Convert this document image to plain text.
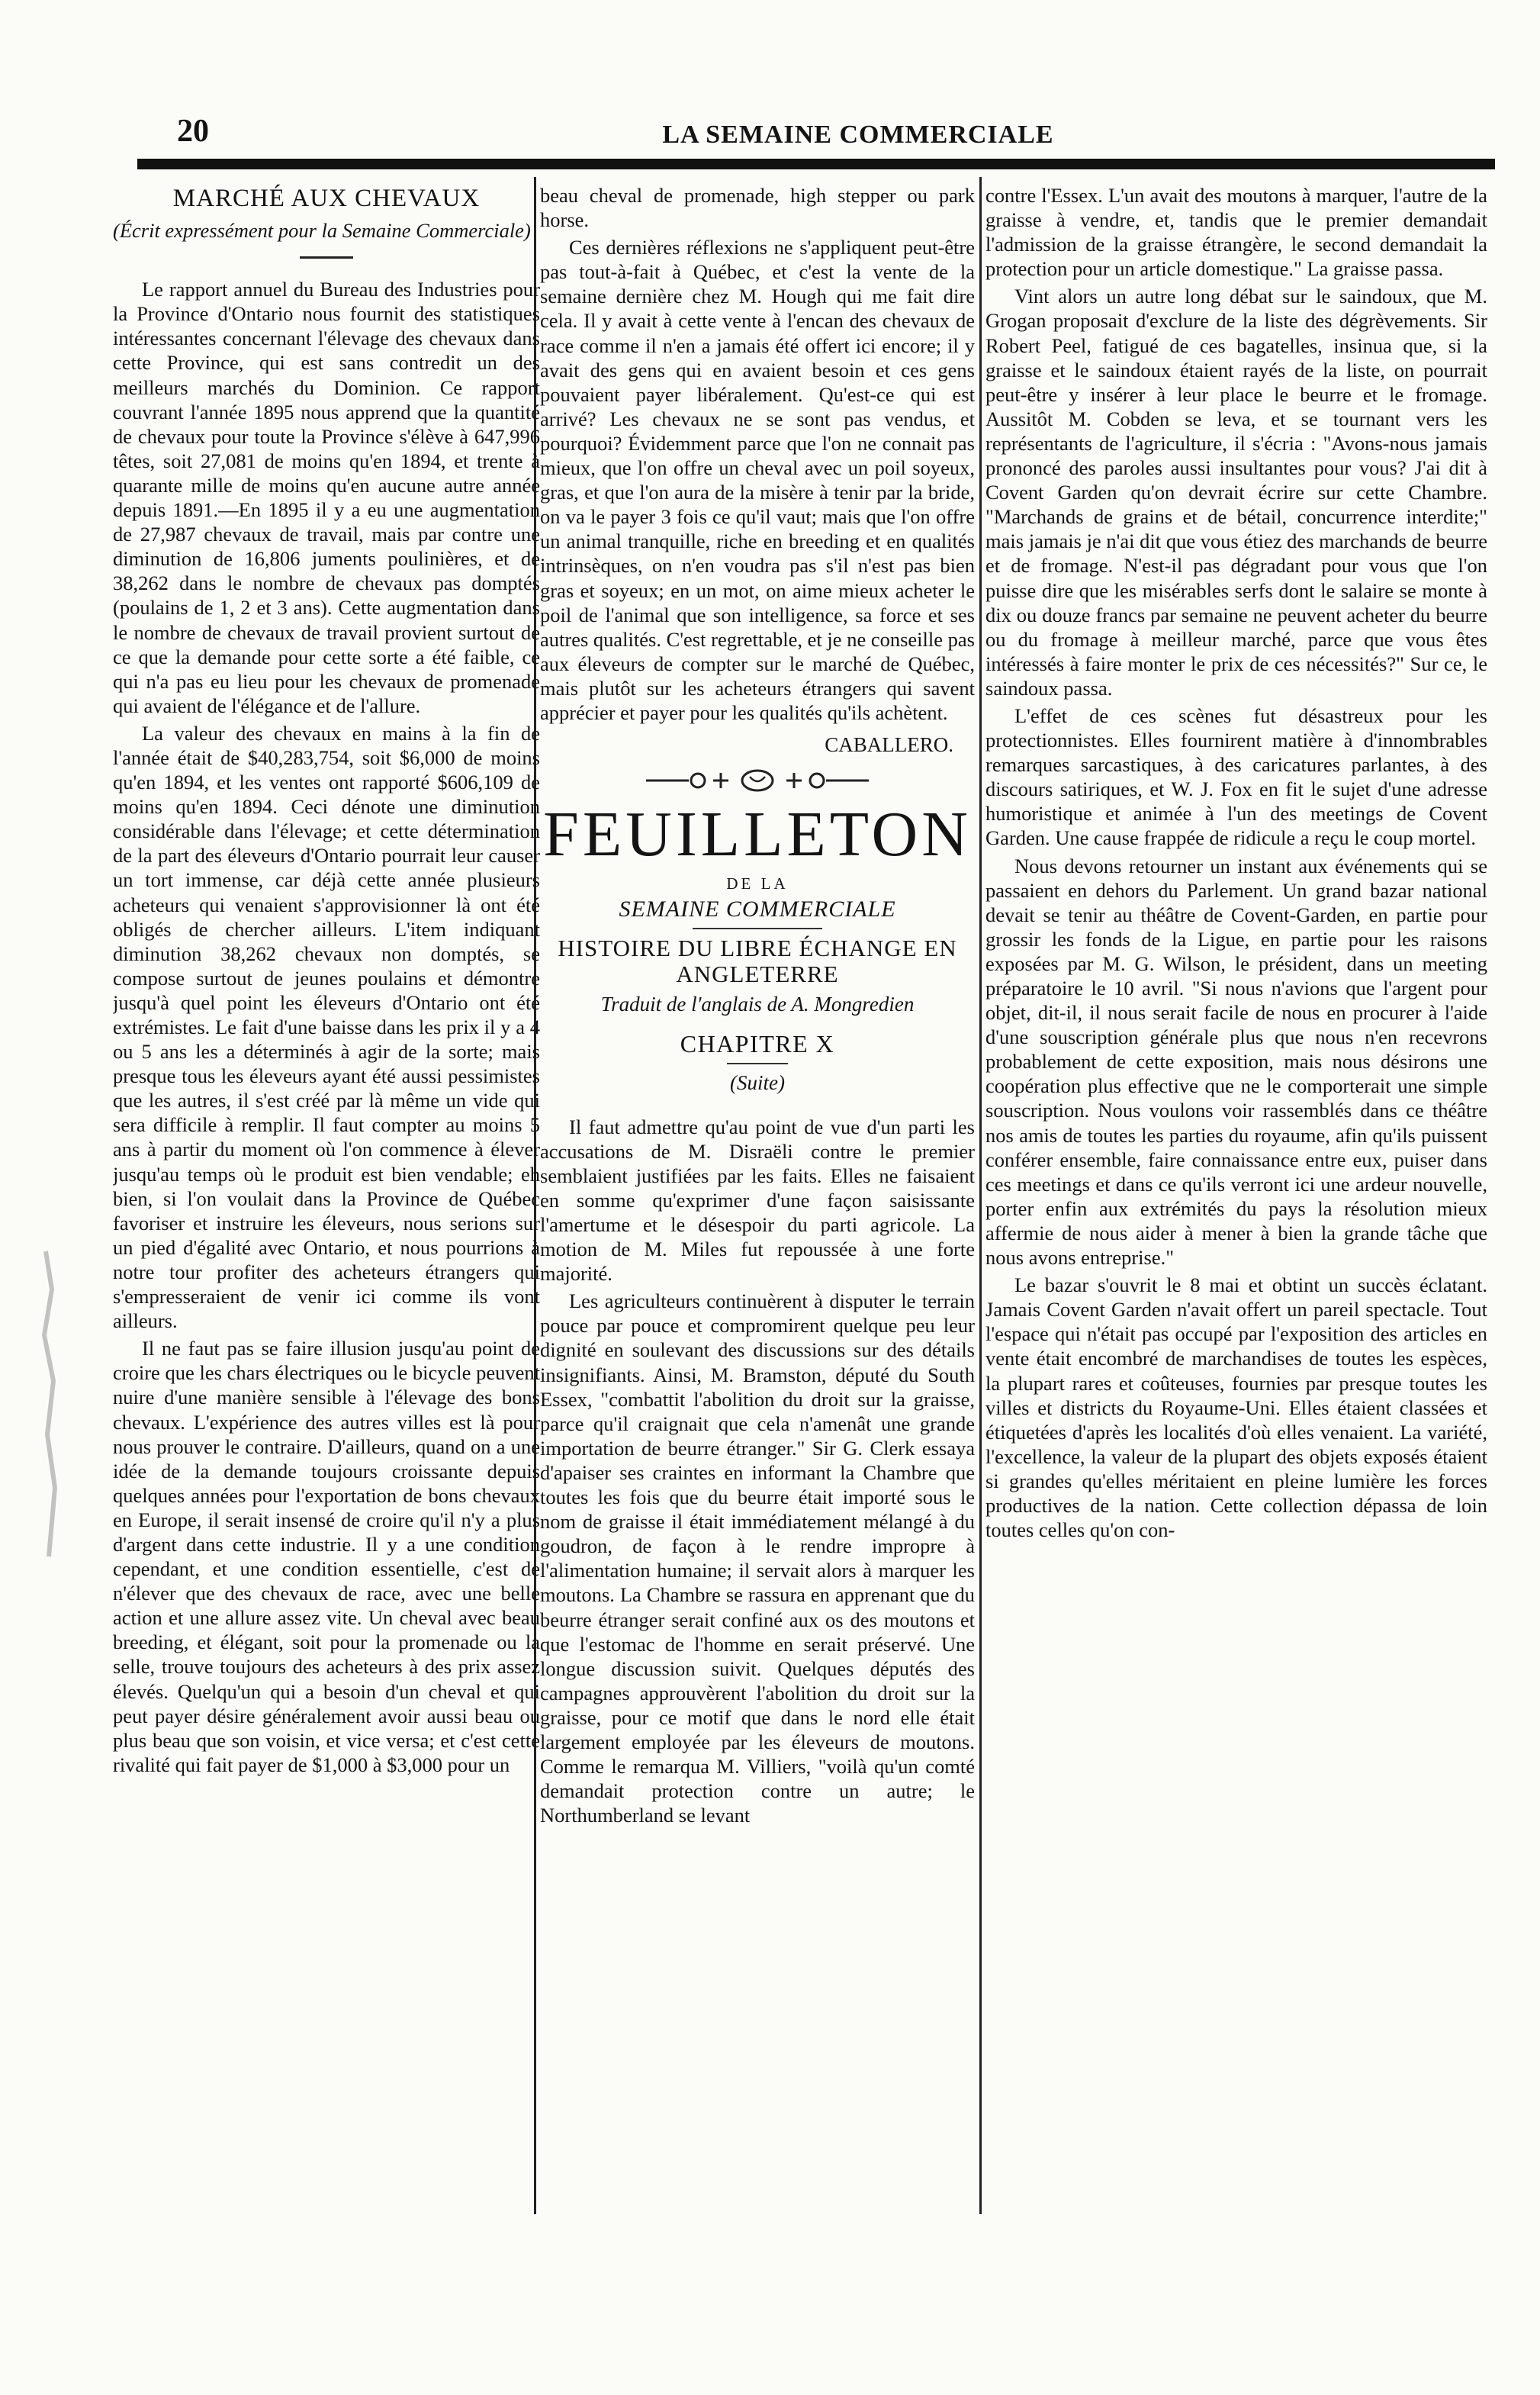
20	LA SEMAINE COMMERCIALE
MARCHÉ AUX CHEVAUX

(Écrit expressément pour la Semaine Commerciale)

Le rapport annuel du Bureau des Industries pour la Province d'Ontario nous fournit des statistiques intéressantes concernant l'élevage des chevaux dans cette Province, qui est sans contredit un des meilleurs marchés du Dominion. Ce rapport couvrant l'année 1895 nous apprend que la quantité de chevaux pour toute la Province s'élève à 647,996 têtes, soit 27,081 de moins qu'en 1894, et trente à quarante mille de moins qu'en aucune autre année depuis 1891.—En 1895 il y a eu une augmentation de 27,987 chevaux de travail, mais par contre une diminution de 16,806 juments poulinières, et de 38,262 dans le nombre de chevaux pas domptés (poulains de 1, 2 et 3 ans). Cette augmentation dans le nombre de chevaux de travail provient surtout de ce que la demande pour cette sorte a été faible, ce qui n'a pas eu lieu pour les chevaux de promenade qui avaient de l'élégance et de l'allure.

La valeur des chevaux en mains à la fin de l'année était de $40,283,754, soit $6,000 de moins qu'en 1894, et les ventes ont rapporté $606,109 de moins qu'en 1894. Ceci dénote une diminution considérable dans l'élevage; et cette détermination de la part des éleveurs d'Ontario pourrait leur causer un tort immense, car déjà cette année plusieurs acheteurs qui venaient s'approvisionner là ont été obligés de chercher ailleurs. L'item indiquant diminution 38,262 chevaux non domptés, se compose surtout de jeunes poulains et démontre jusqu'à quel point les éleveurs d'Ontario ont été extrémistes. Le fait d'une baisse dans les prix il y a 4 ou 5 ans les a déterminés à agir de la sorte; mais presque tous les éleveurs ayant été aussi pessimistes que les autres, il s'est créé par là même un vide qui sera difficile à remplir. Il faut compter au moins 5 ans à partir du moment où l'on commence à élever jusqu'au temps où le produit est bien vendable; eh bien, si l'on voulait dans la Province de Québec favoriser et instruire les éleveurs, nous serions sur un pied d'égalité avec Ontario, et nous pourrions à notre tour profiter des acheteurs étrangers qui s'empresseraient de venir ici comme ils vont ailleurs.

Il ne faut pas se faire illusion jusqu'au point de croire que les chars électriques ou le bicycle peuvent nuire d'une manière sensible à l'élevage des bons chevaux. L'expérience des autres villes est là pour nous prouver le contraire. D'ailleurs, quand on a une idée de la demande toujours croissante depuis quelques années pour l'exportation de bons chevaux en Europe, il serait insensé de croire qu'il n'y a plus d'argent dans cette industrie. Il y a une condition cependant, et une condition essentielle, c'est de n'élever que des chevaux de race, avec une belle action et une allure assez vite. Un cheval avec beau breeding, et élégant, soit pour la promenade ou la selle, trouve toujours des acheteurs à des prix assez élevés. Quelqu'un qui a besoin d'un cheval et qui peut payer désire généralement avoir aussi beau ou plus beau que son voisin, et vice versa; et c'est cette rivalité qui fait payer de $1,000 à $3,000 pour un

beau cheval de promenade, high stepper ou park horse.

Ces dernières réflexions ne s'appliquent peut-être pas tout-à-fait à Québec, et c'est la vente de la semaine dernière chez M. Hough qui me fait dire cela. Il y avait à cette vente à l'encan des chevaux de race comme il n'en a jamais été offert ici encore; il y avait des gens qui en avaient besoin et ces gens pouvaient payer libéralement. Qu'est-ce qui est arrivé? Les chevaux ne se sont pas vendus, et pourquoi? Évidemment parce que l'on ne connait pas mieux, que l'on offre un cheval avec un poil soyeux, gras, et que l'on aura de la misère à tenir par la bride, on va le payer 3 fois ce qu'il vaut; mais que l'on offre un animal tranquille, riche en breeding et en qualités intrinsèques, on n'en voudra pas s'il n'est pas bien gras et soyeux; en un mot, on aime mieux acheter le poil de l'animal que son intelligence, sa force et ses autres qualités. C'est regrettable, et je ne conseille pas aux éleveurs de compter sur le marché de Québec, mais plutôt sur les acheteurs étrangers qui savent apprécier et payer pour les qualités qu'ils achètent.

CABALLERO.
FEUILLETON
DE LA
SEMAINE COMMERCIALE
HISTOIRE DU LIBRE ÉCHANGE EN ANGLETERRE
Traduit de l'anglais de A. Mongredien
CHAPITRE X
(Suite)

Il faut admettre qu'au point de vue d'un parti les accusations de M. Disraëli contre le premier semblaient justifiées par les faits. Elles ne faisaient en somme qu'exprimer d'une façon saisissante l'amertume et le désespoir du parti agricole. La motion de M. Miles fut repoussée à une forte majorité.

Les agriculteurs continuèrent à disputer le terrain pouce par pouce et compromirent quelque peu leur dignité en soulevant des discussions sur des détails insignifiants. Ainsi, M. Bramston, député du South Essex, "combattit l'abolition du droit sur la graisse, parce qu'il craignait que cela n'amenât une grande importation de beurre étranger." Sir G. Clerk essaya d'apaiser ses craintes en informant la Chambre que toutes les fois que du beurre était importé sous le nom de graisse il était immédiatement mélangé à du goudron, de façon à le rendre impropre à l'alimentation humaine; il servait alors à marquer les moutons. La Chambre se rassura en apprenant que du beurre étranger serait confiné aux os des moutons et que l'estomac de l'homme en serait préservé. Une longue discussion suivit. Quelques députés des campagnes approuvèrent l'abolition du droit sur la graisse, pour ce motif que dans le nord elle était largement employée par les éleveurs de moutons. Comme le remarqua M. Villiers, "voilà qu'un comté demandait protection contre un autre; le Northumberland se levant

contre l'Essex. L'un avait des moutons à marquer, l'autre de la graisse à vendre, et, tandis que le premier demandait l'admission de la graisse étrangère, le second demandait la protection pour un article domestique." La graisse passa.

Vint alors un autre long débat sur le saindoux, que M. Grogan proposait d'exclure de la liste des dégrèvements. Sir Robert Peel, fatigué de ces bagatelles, insinua que, si la graisse et le saindoux étaient rayés de la liste, on pourrait peut-être y insérer à leur place le beurre et le fromage. Aussitôt M. Cobden se leva, et se tournant vers les représentants de l'agriculture, il s'écria : "Avons-nous jamais prononcé des paroles aussi insultantes pour vous? J'ai dit à Covent Garden qu'on devrait écrire sur cette Chambre. "Marchands de grains et de bétail, concurrence interdite;" mais jamais je n'ai dit que vous étiez des marchands de beurre et de fromage. N'est-il pas dégradant pour vous que l'on puisse dire que les misérables serfs dont le salaire se monte à dix ou douze francs par semaine ne peuvent acheter du beurre ou du fromage à meilleur marché, parce que vous êtes intéressés à faire monter le prix de ces nécessités?" Sur ce, le saindoux passa.

L'effet de ces scènes fut désastreux pour les protectionnistes. Elles fournirent matière à d'innombrables remarques sarcastiques, à des caricatures parlantes, à des discours satiriques, et W. J. Fox en fit le sujet d'une adresse humoristique et animée à l'un des meetings de Covent Garden. Une cause frappée de ridicule a reçu le coup mortel.

Nous devons retourner un instant aux événements qui se passaient en dehors du Parlement. Un grand bazar national devait se tenir au théâtre de Covent-Garden, en partie pour grossir les fonds de la Ligue, en partie pour les raisons exposées par M. G. Wilson, le président, dans un meeting préparatoire le 10 avril. "Si nous n'avions que l'argent pour objet, dit-il, il nous serait facile de nous en procurer à l'aide d'une souscription générale plus que nous n'en recevrons probablement de cette exposition, mais nous désirons une coopération plus effective que ne le comporterait une simple souscription. Nous voulons voir rassemblés dans ce théâtre nos amis de toutes les parties du royaume, afin qu'ils puissent conférer ensemble, faire connaissance entre eux, puiser dans ces meetings et dans ce qu'ils verront ici une ardeur nouvelle, porter enfin aux extrémités du pays la résolution mieux affermie de nous aider à mener à bien la grande tâche que nous avons entreprise."

Le bazar s'ouvrit le 8 mai et obtint un succès éclatant. Jamais Covent Garden n'avait offert un pareil spectacle. Tout l'espace qui n'était pas occupé par l'exposition des articles en vente était encombré de marchandises de toutes les espèces, la plupart rares et coûteuses, fournies par presque toutes les villes et districts du Royaume-Uni. Elles étaient classées et étiquetées d'après les localités d'où elles venaient. La variété, l'excellence, la valeur de la plupart des objets exposés étaient si grandes qu'elles méritaient en pleine lumière les forces productives de la nation. Cette collection dépassa de loin toutes celles qu'on con-
